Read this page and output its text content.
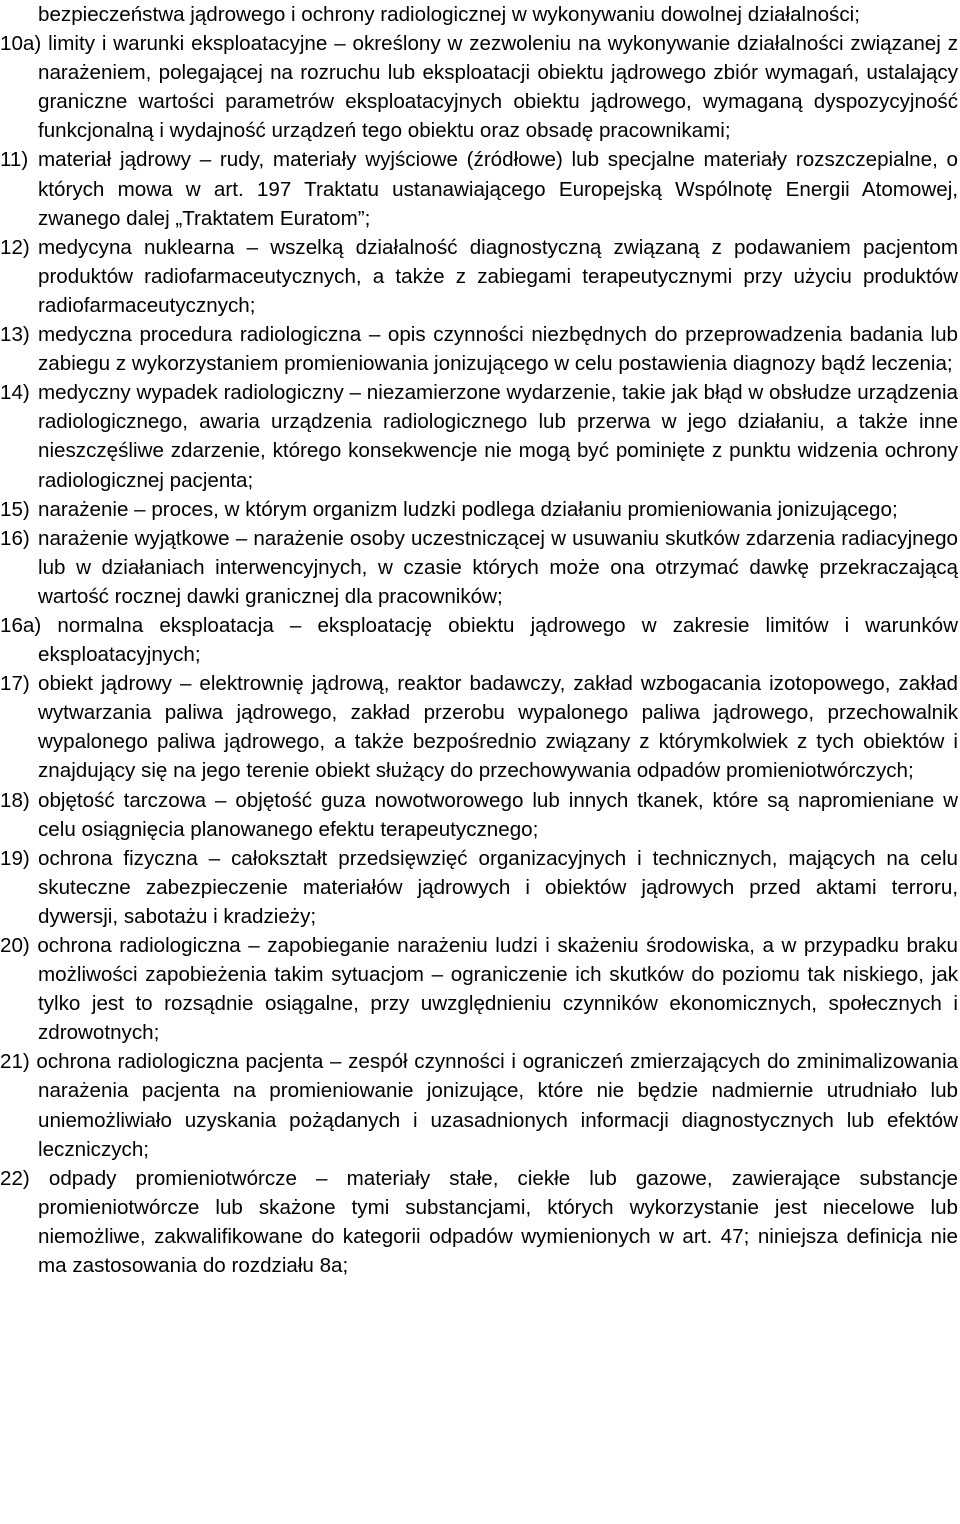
bezpieczeństwa jądrowego i ochrony radiologicznej w wykonywaniu dowolnej działalności;
10a) limity i warunki eksploatacyjne – określony w zezwoleniu na wykonywanie działalności związanej z narażeniem, polegającej na rozruchu lub eksploatacji obiektu jądrowego zbiór wymagań, ustalający graniczne wartości parametrów eksploatacyjnych obiektu jądrowego, wymaganą dyspozycyjność funkcjonalną i wydajność urządzeń tego obiektu oraz obsadę pracownikami;
11) materiał jądrowy – rudy, materiały wyjściowe (źródłowe) lub specjalne materiały rozszczepialne, o których mowa w art. 197 Traktatu ustanawiającego Europejską Wspólnotę Energii Atomowej, zwanego dalej „Traktatem Euratom”;
12) medycyna nuklearna – wszelką działalność diagnostyczną związaną z podawaniem pacjentom produktów radiofarmaceutycznych, a także z zabiegami terapeutycznymi przy użyciu produktów radiofarmaceutycznych;
13) medyczna procedura radiologiczna – opis czynności niezbędnych do przeprowadzenia badania lub zabiegu z wykorzystaniem promieniowania jonizującego w celu postawienia diagnozy bądź leczenia;
14) medyczny wypadek radiologiczny – niezamierzone wydarzenie, takie jak błąd w obsłudze urządzenia radiologicznego, awaria urządzenia radiologicznego lub przerwa w jego działaniu, a także inne nieszczęśliwe zdarzenie, którego konsekwencje nie mogą być pominięte z punktu widzenia ochrony radiologicznej pacjenta;
15) narażenie – proces, w którym organizm ludzki podlega działaniu promieniowania jonizującego;
16) narażenie wyjątkowe – narażenie osoby uczestniczącej w usuwaniu skutków zdarzenia radiacyjnego lub w działaniach interwencyjnych, w czasie których może ona otrzymać dawkę przekraczającą wartość rocznej dawki granicznej dla pracowników;
16a) normalna eksploatacja – eksploatację obiektu jądrowego w zakresie limitów i warunków eksploatacyjnych;
17) obiekt jądrowy – elektrownię jądrową, reaktor badawczy, zakład wzbogacania izotopowego, zakład wytwarzania paliwa jądrowego, zakład przerobu wypalonego paliwa jądrowego, przechowalnik wypalonego paliwa jądrowego, a także bezpośrednio związany z którymkolwiek z tych obiektów i znajdujący się na jego terenie obiekt służący do przechowywania odpadów promieniotwórczych;
18) objętość tarczowa – objętość guza nowotworowego lub innych tkanek, które są napromieniane w celu osiągnięcia planowanego efektu terapeutycznego;
19) ochrona fizyczna – całokształt przedsięwzięć organizacyjnych i technicznych, mających na celu skuteczne zabezpieczenie materiałów jądrowych i obiektów jądrowych przed aktami terroru, dywersji, sabotażu i kradzieży;
20) ochrona radiologiczna – zapobieganie narażeniu ludzi i skażeniu środowiska, a w przypadku braku możliwości zapobieżenia takim sytuacjom – ograniczenie ich skutków do poziomu tak niskiego, jak tylko jest to rozsądnie osiągalne, przy uwzględnieniu czynników ekonomicznych, społecznych i zdrowotnych;
21) ochrona radiologiczna pacjenta – zespół czynności i ograniczeń zmierzających do zminimalizowania narażenia pacjenta na promieniowanie jonizujące, które nie będzie nadmiernie utrudniało lub uniemożliwiało uzyskania pożądanych i uzasadnionych informacji diagnostycznych lub efektów leczniczych;
22) odpady promieniotwórcze – materiały stałe, ciekłe lub gazowe, zawierające substancje promieniotwórcze lub skażone tymi substancjami, których wykorzystanie jest niecelowe lub niemożliwe, zakwalifikowane do kategorii odpadów wymienionych w art. 47; niniejsza definicja nie ma zastosowania do rozdziału 8a;
